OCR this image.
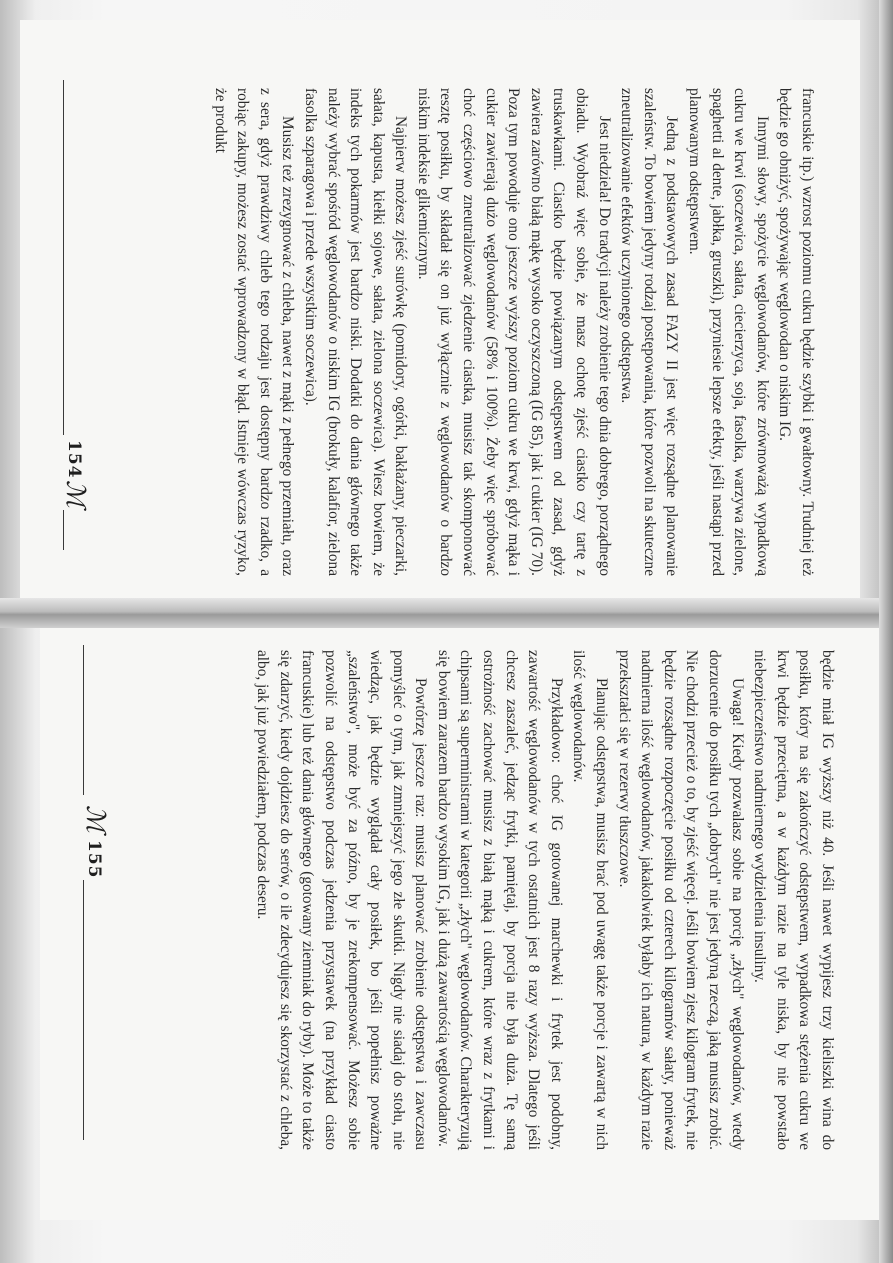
francuskie itp.) wzrost poziomu cukru będzie szybki i gwałtowny. Trudniej też będzie go obniżyć, spożywając węglowodan o niskim IG.

Innymi słowy, spożycie węglowodanów, które zrównoważą wypadkową cukru we krwi (soczewica, sałata, ciecierzyca, soja, fasolka, warzywa zielone, spaghetti al dente, jabłka, gruszki), przyniesie lepsze efekty, jeśli nastąpi przed planowanym odstępstwem.

Jedną z podstawowych zasad FAZY II jest więc rozsądne planowanie szaleństw. To bowiem jedyny rodzaj postępowania, które pozwoli na skuteczne zneutralizowanie efektów uczynionego odstępstwa.

Jest niedziela! Do tradycji należy zrobienie tego dnia dobrego, porządnego obiadu. Wyobraź więc sobie, że masz ochotę zjeść ciastko czy tartę z truskawkami. Ciastko będzie powiązanym odstępstwem od zasad, gdyż zawiera zarówno białą mąkę wysoko oczyszczoną (IG 85), jak i cukier (IG 70). Poza tym powoduje ono jeszcze wyższy poziom cukru we krwi, gdyż mąka i cukier zawierają dużo węglowodanów (58% i 100%). Żeby więc spróbować choć częściowo zneutralizować zjedzenie ciastka, musisz tak skomponować resztę posiłku, by składał się on już wyłącznie z węglowodanów o bardzo niskim indeksie glikemicznym.

Najpierw możesz zjeść surówkę (pomidory, ogórki, bakłażany, pieczarki, sałata, kapusta, kiełki sojowe, sałata, zielona soczewica). Wiesz bowiem, że indeks tych pokarmów jest bardzo niski. Dodatki do dania głównego także należy wybrać spośród węglowodanów o niskim IG (brokuły, kalafior, zielona fasolka szparagowa i przede wszystkim soczewica).

Musisz też zrezygnować z chleba, nawet z mąki z pełnego przemiału, oraz z sera, gdyż prawdziwy chleb tego rodzaju jest dostępny bardzo rzadko, a robiąc zakupy, możesz zostać wprowadzony w błąd. Istnieje wówczas ryzyko, że produkt

154
ℳ

będzie miał IG wyższy niż 40. Jeśli nawet wypijesz trzy kieliszki wina do posiłku, który na się zakończyć odstępstwem, wypadkowa stężenia cukru we krwi będzie przeciętna, a w każdym razie na tyle niska, by nie powstało niebezpieczeństwo nadmiernego wydzielenia insuliny.

Uwaga! Kiedy pozwalasz sobie na porcję „złych" węglowodanów, wtedy dorzucenie do posiłku tych „dobrych" nie jest jedyną rzeczą, jaką musisz zrobić. Nie chodzi przecież o to, by zjeść więcej. Jeśli bowiem zjesz kilogram frytek, nie będzie rozsądne rozpoczęcie posiłku od czterech kilogramów sałaty, ponieważ nadmierna ilość węglowodanów, jakakolwiek byłaby ich natura, w każdym razie przekształci się w rezerwy tłuszczowe.

Planując odstępstwa, musisz brać pod uwagę także porcje i zawartą w nich ilość węglowodanów.

Przykładowo: choć IG gotowanej marchewki i frytek jest podobny, zawartość węglowodanów w tych ostatnich jest 8 razy wyższa. Dlatego jeśli chcesz zaszaleć, jedząc frytki, pamiętaj, by porcja nie była duża. Tę samą ostrożność zachować musisz z białą mąką i cukrem, które wraz z frytkami i chipsami są superministrami w kategorii „złych" węglowodanów. Charakteryzują się bowiem zarazem bardzo wysokim IG, jak i dużą zawartością węglowodanów.

Powtórzę jeszcze raz: musisz planować zrobienie odstępstwa i zawczasu pomyśleć o tym, jak zmniejszyć jego złe skutki. Nigdy nie siadaj do stołu, nie wiedząc, jak będzie wyglądał cały posiłek, bo jeśli popełnisz poważne „szaleństwo", może być za późno, by je zrekompensować. Możesz sobie pozwolić na odstępstwo podczas jedzenia przystawek (na przykład ciasto francuskie) lub też dania głównego (gotowany ziemniak do ryby). Może to także się zdarzyć, kiedy dojdziesz do serów, o ile zdecydujesz się skorzystać z chleba, albo, jak już powiedziałem, podczas deseru.

ℳ
155
